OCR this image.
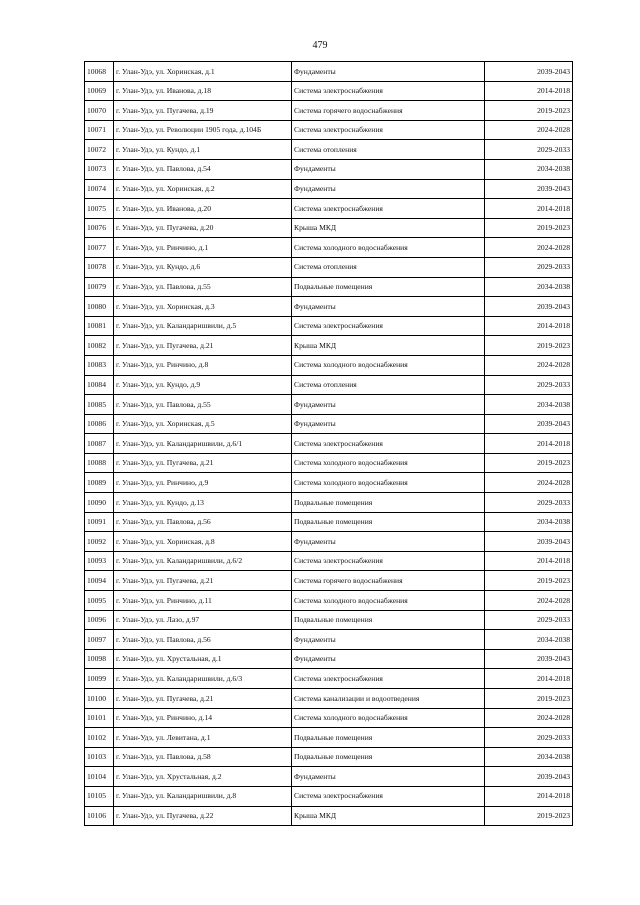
479
10068	г. Улан-Удэ, ул. Хоринская, д.1	Фундаменты	2039-2043
10069	г. Улан-Удэ, ул. Иванова, д.18	Система электроснабжения	2014-2018
10070	г. Улан-Удэ, ул. Пугачева, д.19	Система горячего водоснабжения	2019-2023
10071	г. Улан-Удэ, ул. Революции 1905 года, д.104Б	Система электроснабжения	2024-2028
10072	г. Улан-Удэ, ул. Кундо, д.1	Система отопления	2029-2033
10073	г. Улан-Удэ, ул. Павлова, д.54	Фундаменты	2034-2038
10074	г. Улан-Удэ, ул. Хоринская, д.2	Фундаменты	2039-2043
10075	г. Улан-Удэ, ул. Иванова, д.20	Система электроснабжения	2014-2018
10076	г. Улан-Удэ, ул. Пугачева, д.20	Крыша МКД	2019-2023
10077	г. Улан-Удэ, ул. Ринчино, д.1	Система холодного водоснабжения	2024-2028
10078	г. Улан-Удэ, ул. Кундо, д.6	Система отопления	2029-2033
10079	г. Улан-Удэ, ул. Павлова, д.55	Подвальные помещения	2034-2038
10080	г. Улан-Удэ, ул. Хоринская, д.3	Фундаменты	2039-2043
10081	г. Улан-Удэ, ул. Каландаришвили, д.5	Система электроснабжения	2014-2018
10082	г. Улан-Удэ, ул. Пугачева, д.21	Крыша МКД	2019-2023
10083	г. Улан-Удэ, ул. Ринчино, д.8	Система холодного водоснабжения	2024-2028
10084	г. Улан-Удэ, ул. Кундо, д.9	Система отопления	2029-2033
10085	г. Улан-Удэ, ул. Павлова, д.55	Фундаменты	2034-2038
10086	г. Улан-Удэ, ул. Хоринская, д.5	Фундаменты	2039-2043
10087	г. Улан-Удэ, ул. Каландаришвили, д.6/1	Система электроснабжения	2014-2018
10088	г. Улан-Удэ, ул. Пугачева, д.21	Система холодного водоснабжения	2019-2023
10089	г. Улан-Удэ, ул. Ринчино, д.9	Система холодного водоснабжения	2024-2028
10090	г. Улан-Удэ, ул. Кундо, д.13	Подвальные помещения	2029-2033
10091	г. Улан-Удэ, ул. Павлова, д.56	Подвальные помещения	2034-2038
10092	г. Улан-Удэ, ул. Хоринская, д.8	Фундаменты	2039-2043
10093	г. Улан-Удэ, ул. Каландаришвили, д.6/2	Система электроснабжения	2014-2018
10094	г. Улан-Удэ, ул. Пугачева, д.21	Система горячего водоснабжения	2019-2023
10095	г. Улан-Удэ, ул. Ринчино, д.11	Система холодного водоснабжения	2024-2028
10096	г. Улан-Удэ, ул. Лазо, д.97	Подвальные помещения	2029-2033
10097	г. Улан-Удэ, ул. Павлова, д.56	Фундаменты	2034-2038
10098	г. Улан-Удэ, ул. Хрустальная, д.1	Фундаменты	2039-2043
10099	г. Улан-Удэ, ул. Каландаришвили, д.6/3	Система электроснабжения	2014-2018
10100	г. Улан-Удэ, ул. Пугачева, д.21	Система канализации и водоотведения	2019-2023
10101	г. Улан-Удэ, ул. Ринчино, д.14	Система холодного водоснабжения	2024-2028
10102	г. Улан-Удэ, ул. Левитана, д.1	Подвальные помещения	2029-2033
10103	г. Улан-Удэ, ул. Павлова, д.58	Подвальные помещения	2034-2038
10104	г. Улан-Удэ, ул. Хрустальная, д.2	Фундаменты	2039-2043
10105	г. Улан-Удэ, ул. Каландаришвили, д.8	Система электроснабжения	2014-2018
10106	г. Улан-Удэ, ул. Пугачева, д.22	Крыша МКД	2019-2023
